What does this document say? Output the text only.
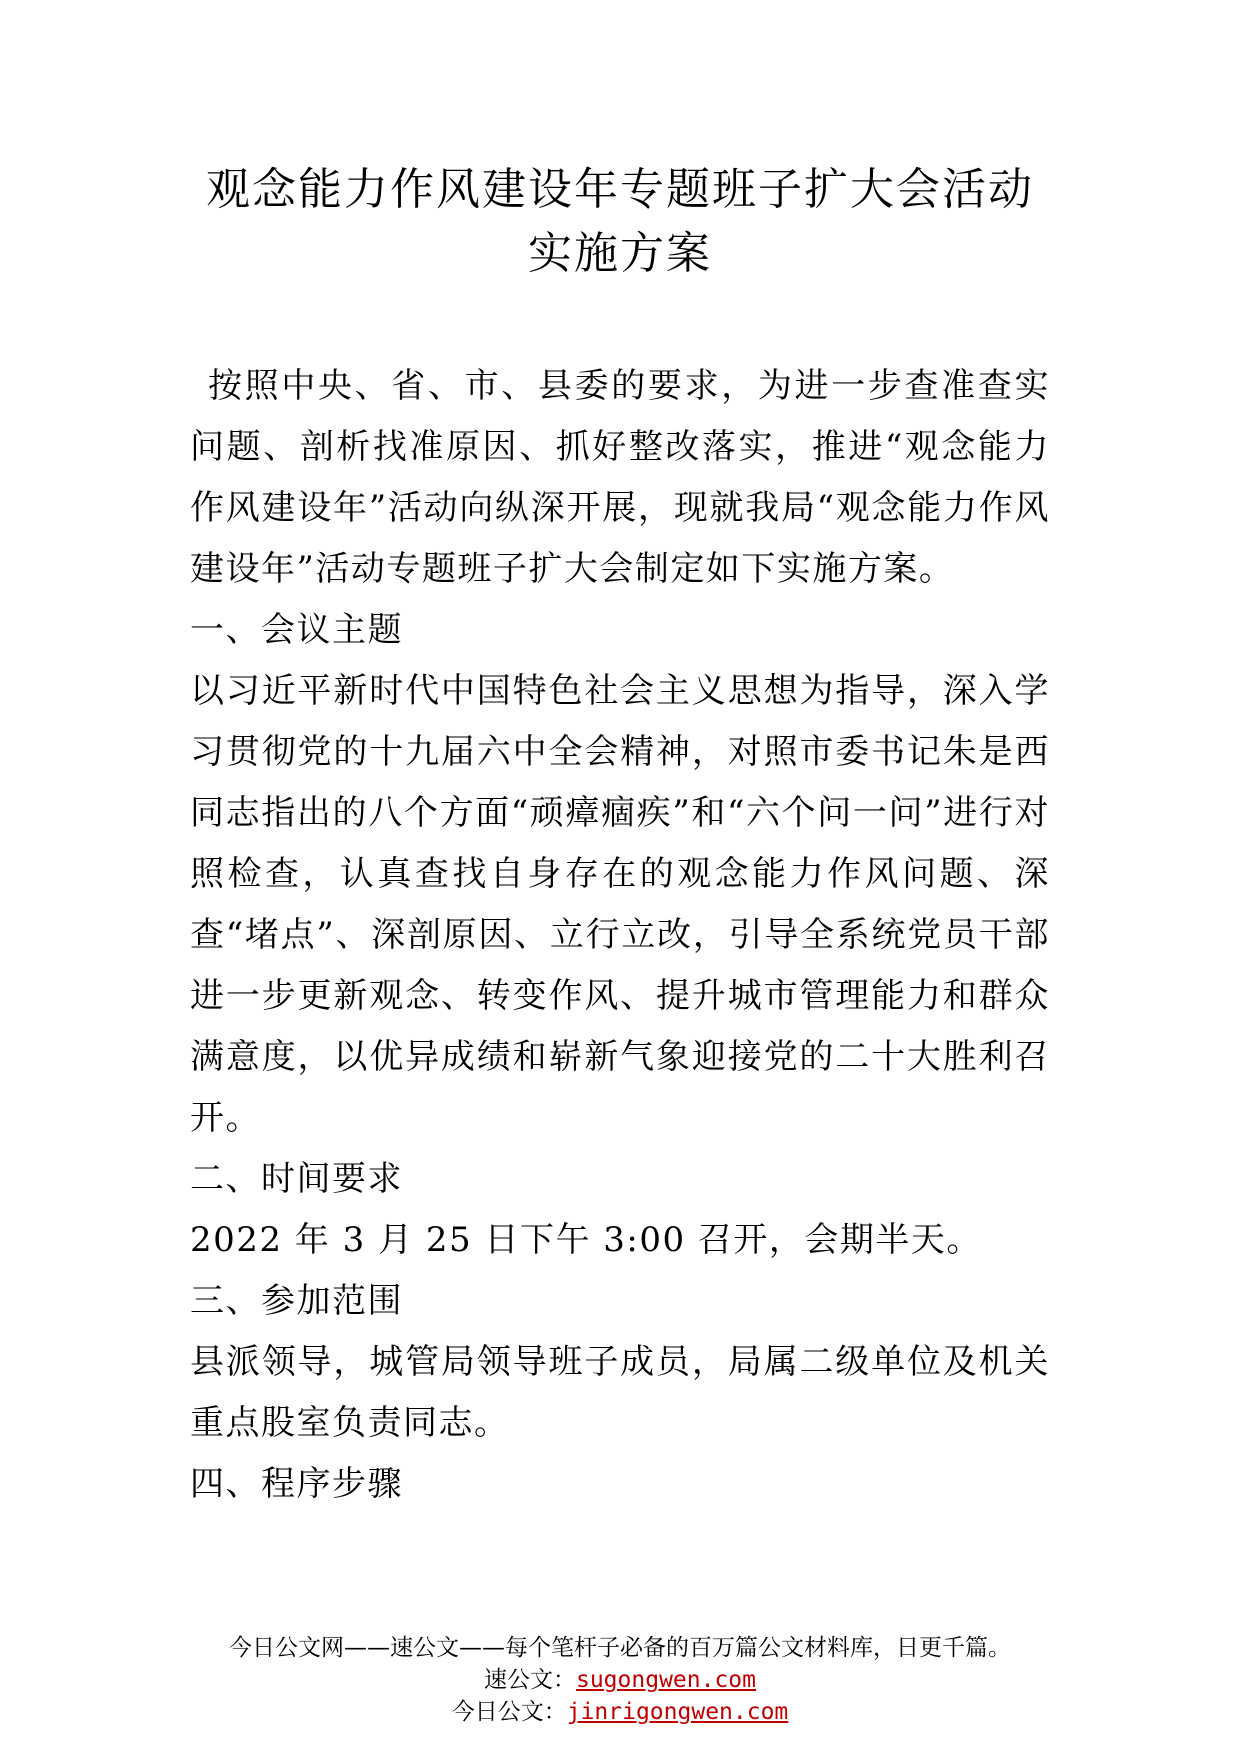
观念能力作风建设年专题班子扩大会活动
实施方案

按照中央、省、市、县委的要求，为进一步查准查实问题、剖析找准原因、抓好整改落实，推进“观念能力作风建设年”活动向纵深开展，现就我局“观念能力作风建设年”活动专题班子扩大会制定如下实施方案。

一、会议主题

以习近平新时代中国特色社会主义思想为指导，深入学习贯彻党的十九届六中全会精神，对照市委书记朱是西同志指出的八个方面“顽瘴痼疾”和“六个问一问”进行对照检查，认真查找自身存在的观念能力作风问题、深查“堵点”、深剖原因、立行立改，引导全系统党员干部进一步更新观念、转变作风、提升城市管理能力和群众满意度，以优异成绩和崭新气象迎接党的二十大胜利召开。

二、时间要求

2022 年 3 月 25 日下午 3:00 召开，会期半天。

三、参加范围

县派领导，城管局领导班子成员，局属二级单位及机关重点股室负责同志。

四、程序步骤

今日公文网——速公文——每个笔杆子必备的百万篇公文材料库，日更千篇。

速公文：sugongwen.com

今日公文：jinrigongwen.com
